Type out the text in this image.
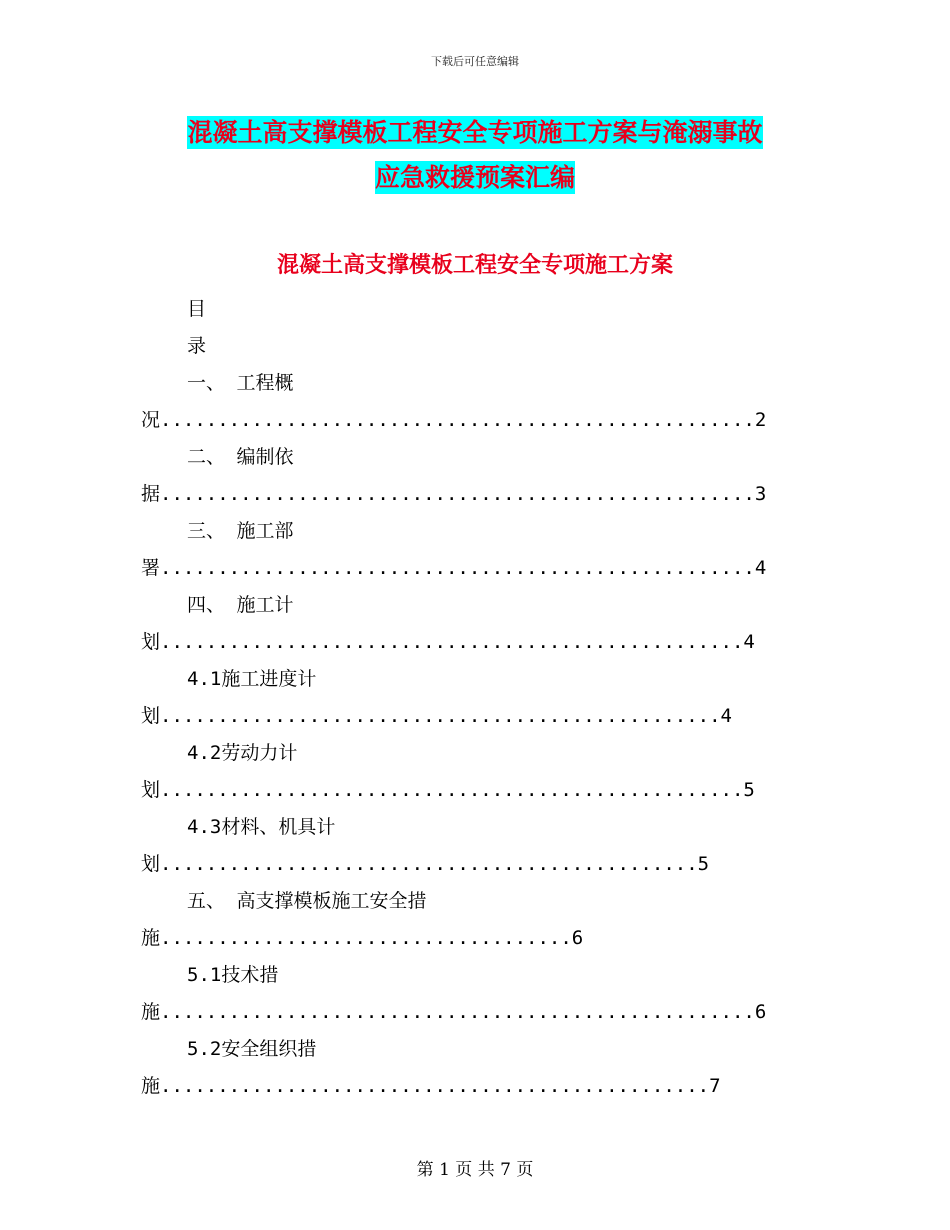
下载后可任意编辑
混凝土高支撑模板工程安全专项施工方案与淹溺事故
应急救援预案汇编
混凝土高支撑模板工程安全专项施工方案
目
录
一、 工程概
况....................................................2
二、 编制依
据....................................................3
三、 施工部
署....................................................4
四、 施工计
划...................................................4
4.1施工进度计
划.................................................4
4.2劳动力计
划...................................................5
4.3材料、机具计
划...............................................5
五、 高支撑模板施工安全措
施....................................6
5.1技术措
施....................................................6
5.2安全组织措
施................................................7
第 1 页 共 7 页
